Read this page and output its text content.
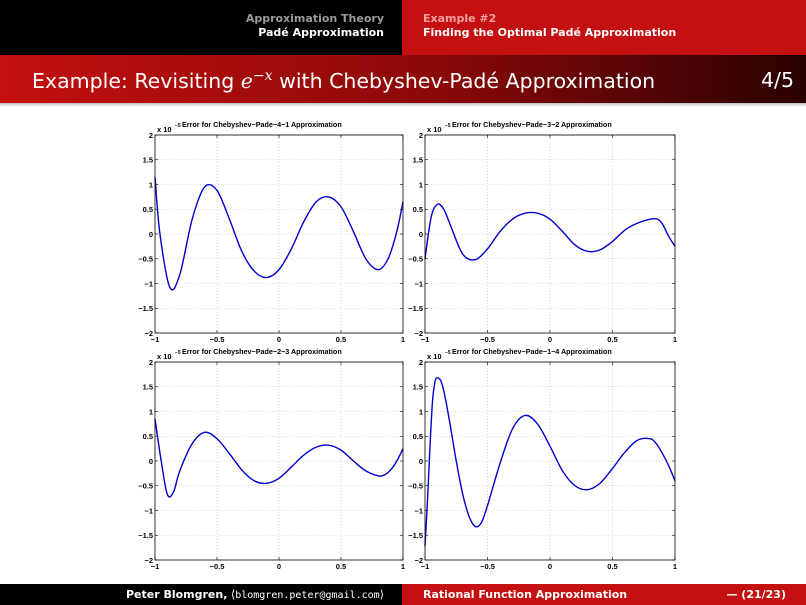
Approximation Theory
Padé Approximation
Example #2
Finding the Optimal Padé Approximation
Example: Revisiting $e^{-x}$ with Chebyshev-Padé Approximation	4/5
−1	−0.5	0	0.5	1
2
1.5
1
0.5
0
−0.5
−1
−1.5
−2
x 10 −5 Error for Chebyshev−Pade−4−1 Approximation
−1	−0.5	0	0.5	1
2
1.5
1
0.5
0
−0.5
−1
−1.5
−2
x 10 −5 Error for Chebyshev−Pade−3−2 Approximation
−1	−0.5	0	0.5	1
2
1.5
1
0.5
0
−0.5
−1
−1.5
−2
x 10 −5 Error for Chebyshev−Pade−2−3 Approximation
−1	−0.5	0	0.5	1
2
1.5
1
0.5
0
−0.5
−1
−1.5
−2
x 10 −5 Error for Chebyshev−Pade−1−4 Approximation
Peter Blomgren, ⟨blomgren.peter@gmail.com⟩	Rational Function Approximation	— (21/23)
